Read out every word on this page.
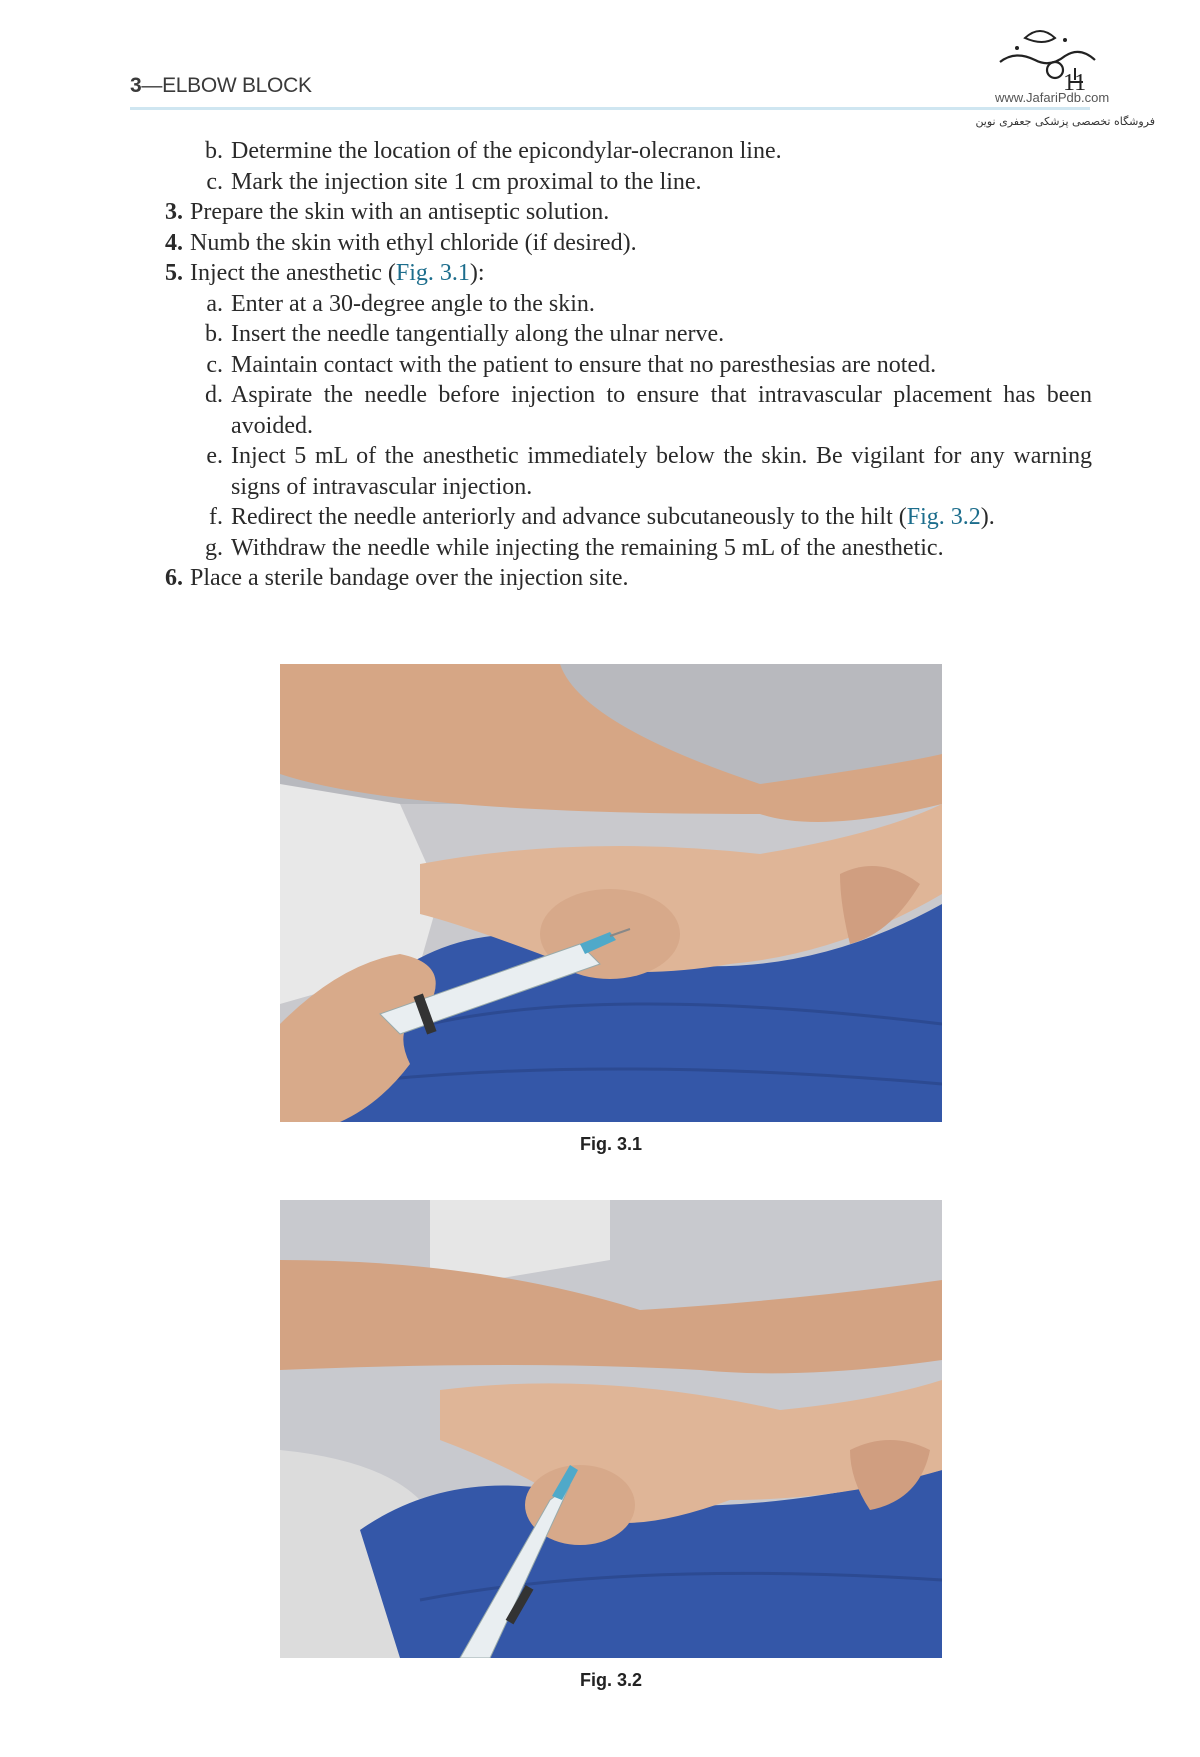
3—ELBOW BLOCK	11
www.JafariPdb.com
فروشگاه تخصصی پزشکی جعفری نوین
b. Determine the location of the epicondylar-olecranon line.
c. Mark the injection site 1 cm proximal to the line.
3. Prepare the skin with an antiseptic solution.
4. Numb the skin with ethyl chloride (if desired).
5. Inject the anesthetic (Fig. 3.1):
a. Enter at a 30-degree angle to the skin.
b. Insert the needle tangentially along the ulnar nerve.
c. Maintain contact with the patient to ensure that no paresthesias are noted.
d. Aspirate the needle before injection to ensure that intravascular placement has been avoided.
e. Inject 5 mL of the anesthetic immediately below the skin. Be vigilant for any warning signs of intravascular injection.
f. Redirect the needle anteriorly and advance subcutaneously to the hilt (Fig. 3.2).
g. Withdraw the needle while injecting the remaining 5 mL of the anesthetic.
6. Place a sterile bandage over the injection site.
Fig. 3.1
Fig. 3.2
